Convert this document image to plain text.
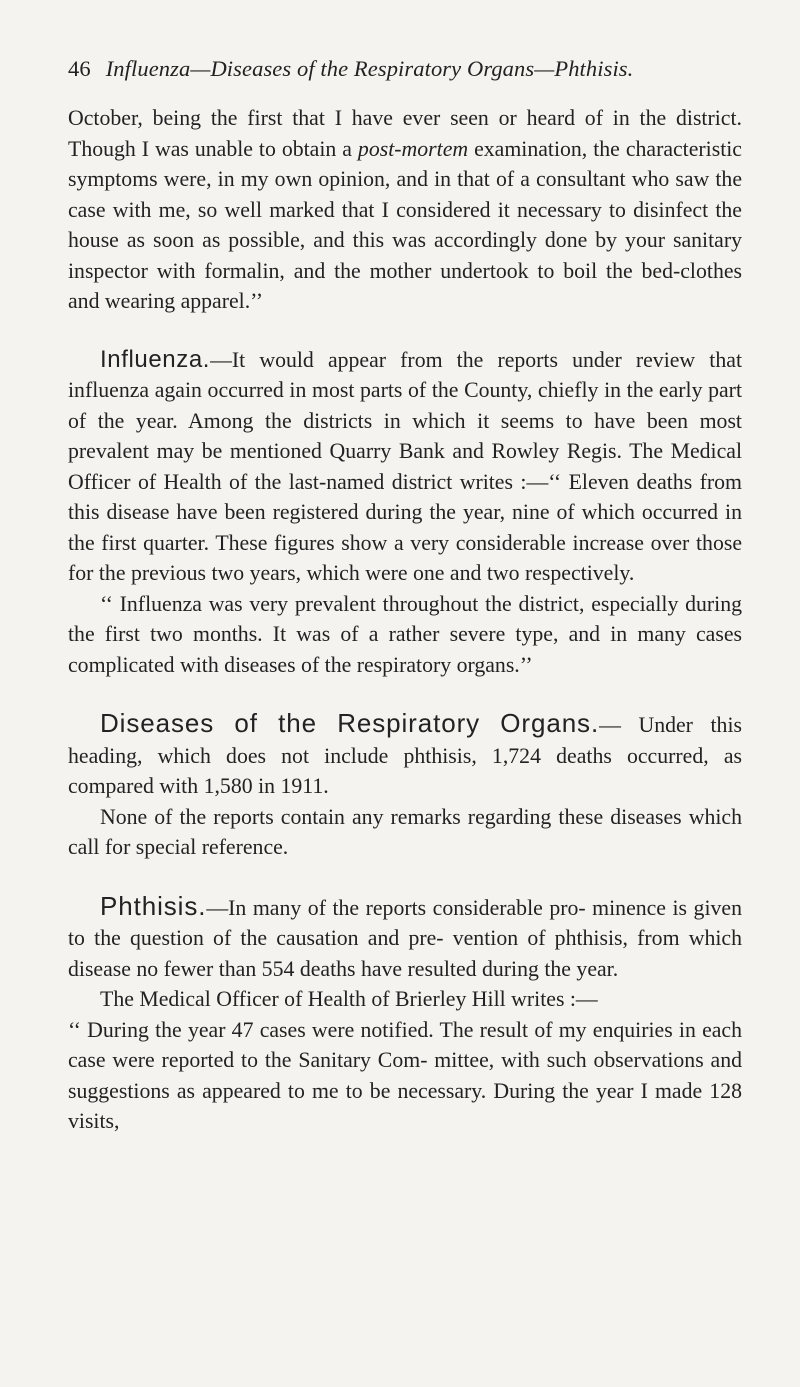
46 Influenza—Diseases of the Respiratory Organs—Phthisis.

October, being the first that I have ever seen or heard of in the district. Though I was unable to obtain a post-mortem examination, the characteristic symptoms were, in my own opinion, and in that of a consultant who saw the case with me, so well marked that I considered it necessary to disinfect the house as soon as possible, and this was accordingly done by your sanitary inspector with formalin, and the mother undertook to boil the bed-clothes and wearing apparel.’’

Influenza.—It would appear from the reports under review that influenza again occurred in most parts of the County, chiefly in the early part of the year. Among the districts in which it seems to have been most prevalent may be mentioned Quarry Bank and Rowley Regis. The Medical Officer of Health of the last-named district writes :—‘‘ Eleven deaths from this disease have been registered during the year, nine of which occurred in the first quarter. These figures show a very considerable increase over those for the previous two years, which were one and two respectively.

‘‘ Influenza was very prevalent throughout the district, especially during the first two months. It was of a rather severe type, and in many cases complicated with diseases of the respiratory organs.’’

Diseases of the Respiratory Organs.— Under this heading, which does not include phthisis, 1,724 deaths occurred, as compared with 1,580 in 1911.

None of the reports contain any remarks regarding these diseases which call for special reference.

Phthisis.—In many of the reports considerable pro- minence is given to the question of the causation and pre- vention of phthisis, from which disease no fewer than 554 deaths have resulted during the year.

The Medical Officer of Health of Brierley Hill writes :—

‘‘ During the year 47 cases were notified. The result of my enquiries in each case were reported to the Sanitary Com- mittee, with such observations and suggestions as appeared to me to be necessary. During the year I made 128 visits,
